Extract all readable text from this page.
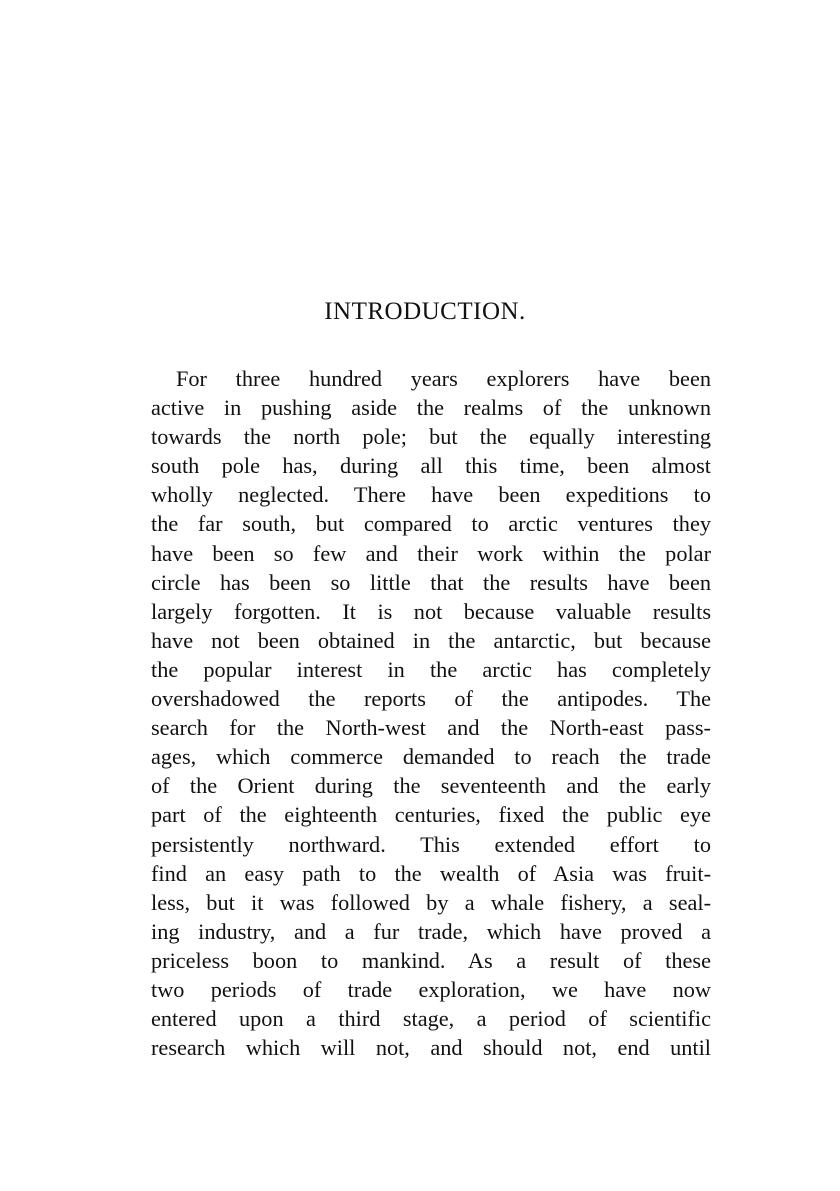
INTRODUCTION.
For three hundred years explorers have been
active in pushing aside the realms of the unknown
towards the north pole; but the equally interesting
south pole has, during all this time, been almost
wholly neglected. There have been expeditions to
the far south, but compared to arctic ventures they
have been so few and their work within the polar
circle has been so little that the results have been
largely forgotten. It is not because valuable results
have not been obtained in the antarctic, but because
the popular interest in the arctic has completely
overshadowed the reports of the antipodes. The
search for the North-west and the North-east pass-
ages, which commerce demanded to reach the trade
of the Orient during the seventeenth and the early
part of the eighteenth centuries, fixed the public eye
persistently northward. This extended effort to
find an easy path to the wealth of Asia was fruit-
less, but it was followed by a whale fishery, a seal-
ing industry, and a fur trade, which have proved a
priceless boon to mankind. As a result of these
two periods of trade exploration, we have now
entered upon a third stage, a period of scientific
research which will not, and should not, end until
